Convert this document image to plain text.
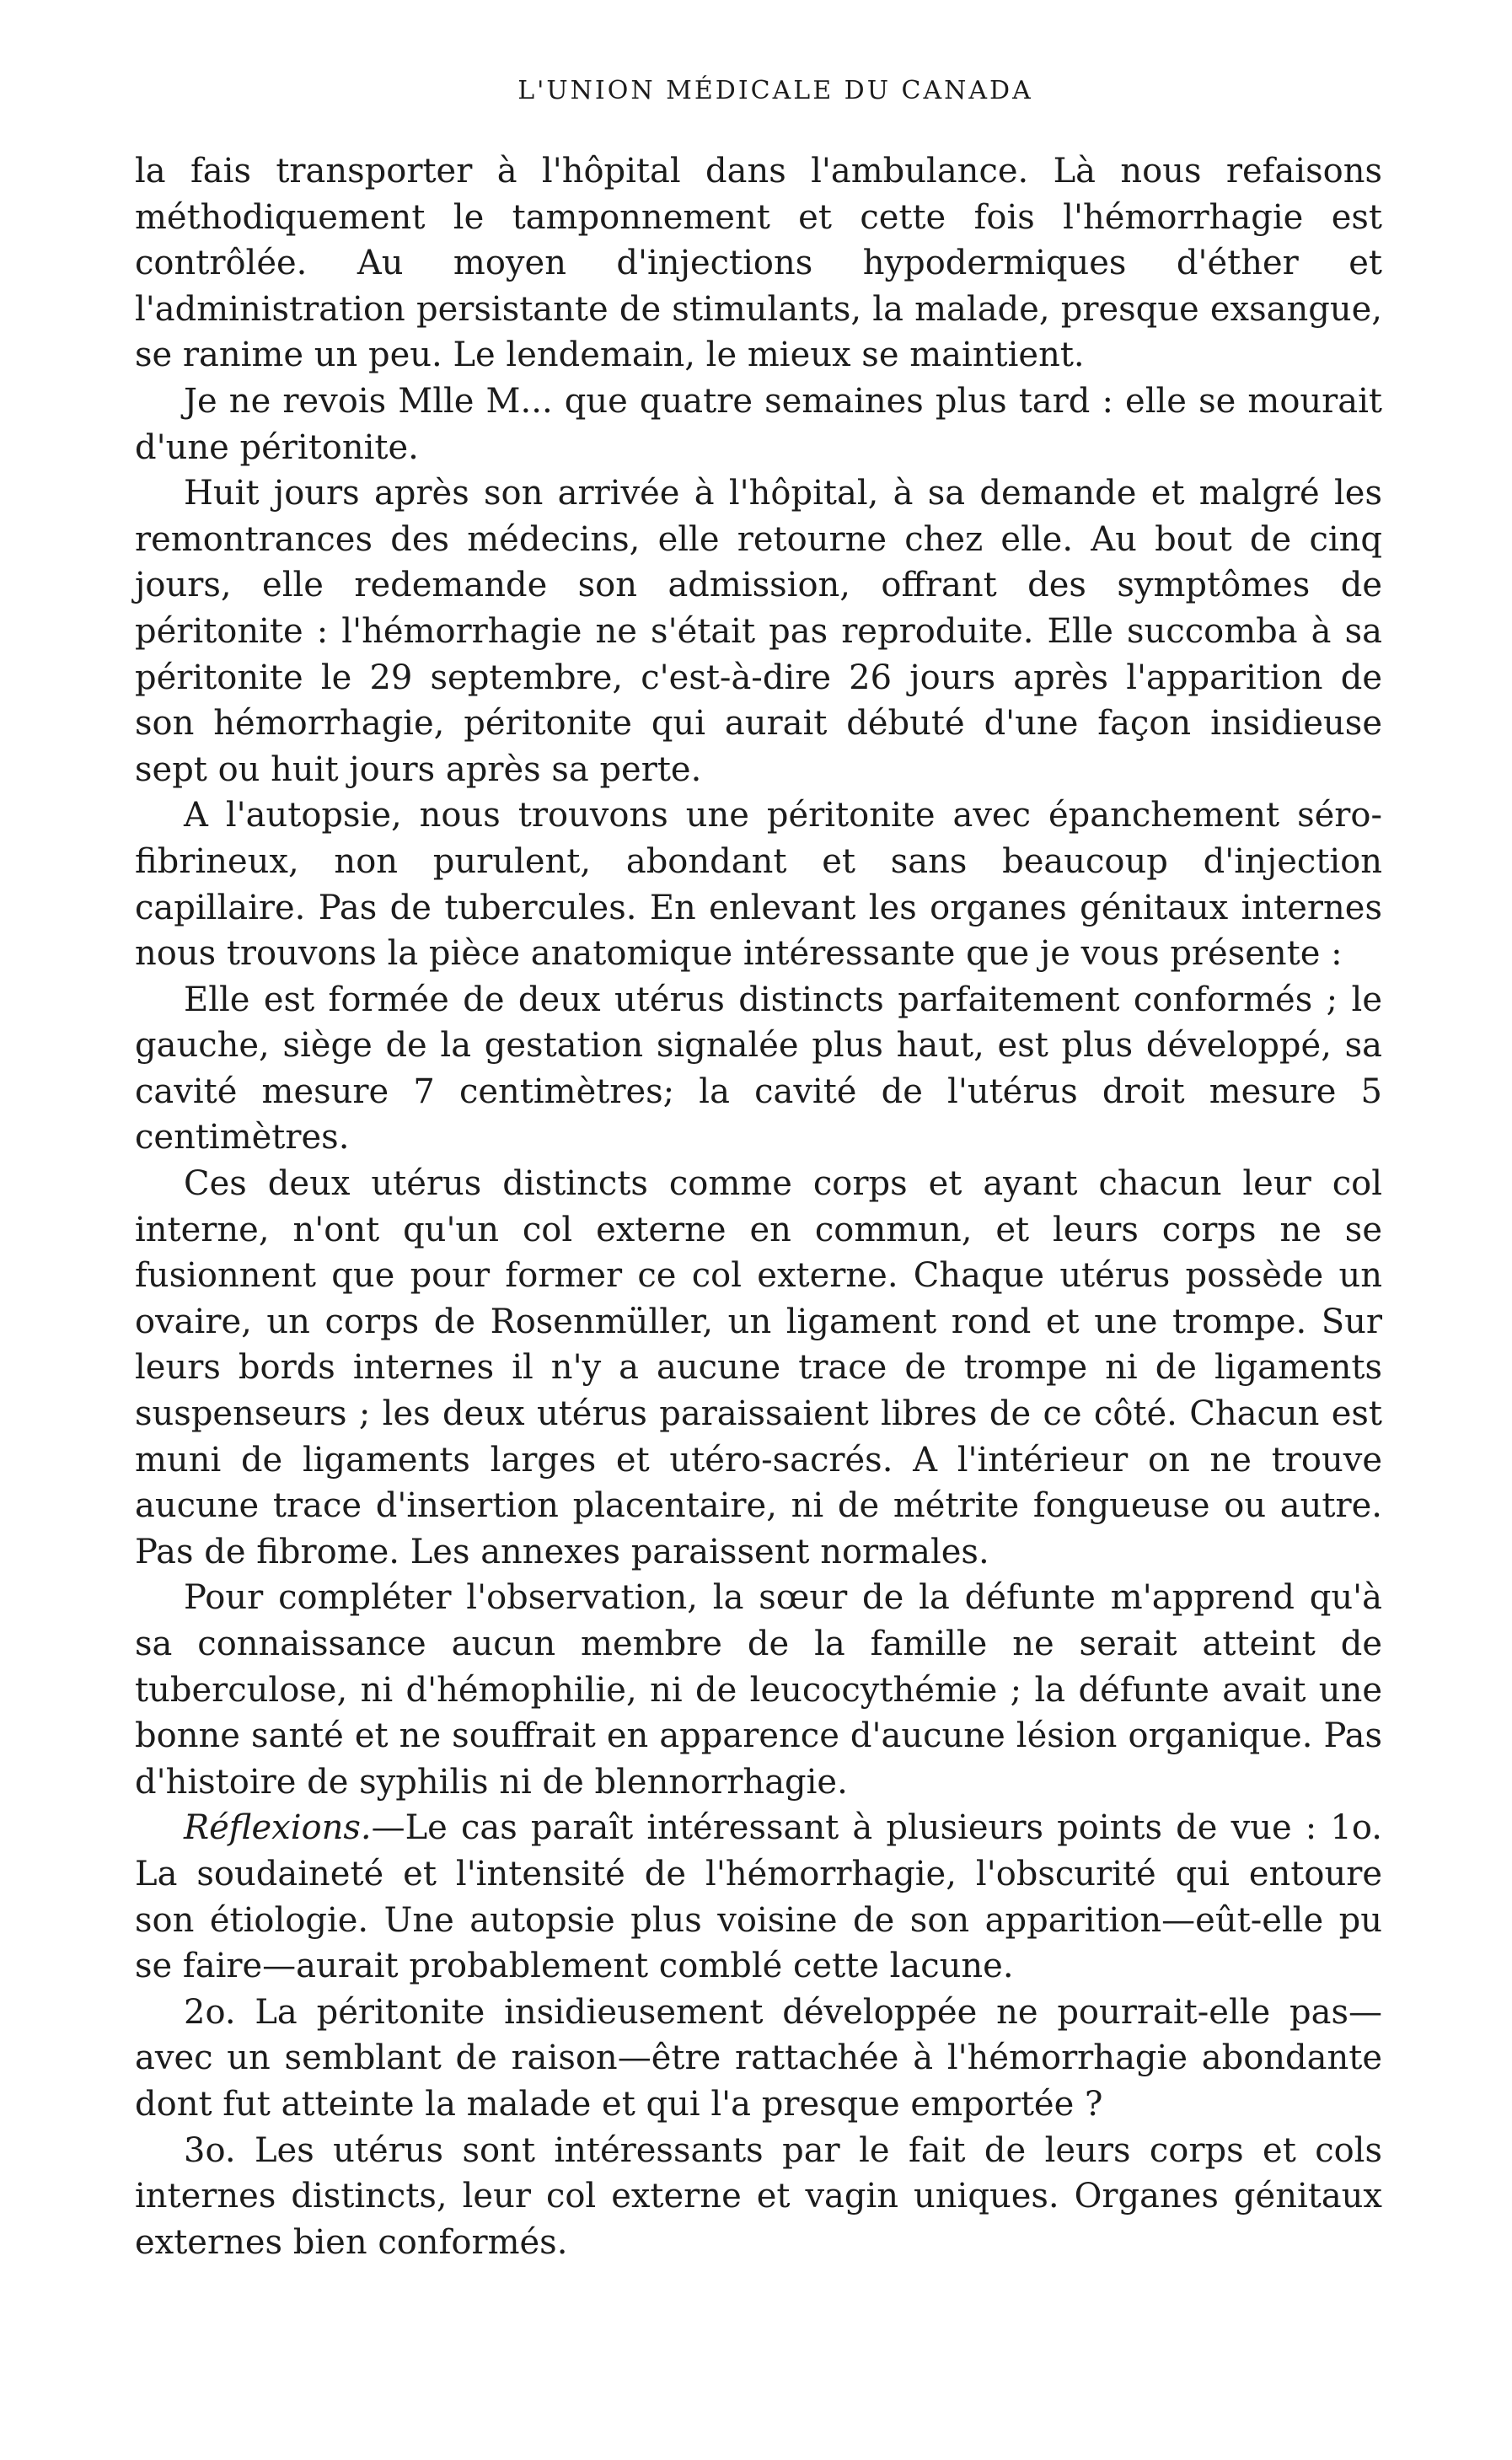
L'UNION MÉDICALE DU CANADA

la fais transporter à l'hôpital dans l'ambulance. Là nous refaisons méthodiquement le tamponnement et cette fois l'hémorrhagie est contrôlée. Au moyen d'injections hypodermiques d'éther et l'administration persistante de stimulants, la malade, presque exsangue, se ranime un peu. Le lendemain, le mieux se maintient.

Je ne revois Mlle M... que quatre semaines plus tard : elle se mourait d'une péritonite.

Huit jours après son arrivée à l'hôpital, à sa demande et malgré les remontrances des médecins, elle retourne chez elle. Au bout de cinq jours, elle redemande son admission, offrant des symptômes de péritonite : l'hémorrhagie ne s'était pas reproduite. Elle succomba à sa péritonite le 29 septembre, c'est-à-dire 26 jours après l'apparition de son hémorrhagie, péritonite qui aurait débuté d'une façon insidieuse sept ou huit jours après sa perte.

A l'autopsie, nous trouvons une péritonite avec épanchement séro-fibrineux, non purulent, abondant et sans beaucoup d'injection capillaire. Pas de tubercules. En enlevant les organes génitaux internes nous trouvons la pièce anatomique intéressante que je vous présente :

Elle est formée de deux utérus distincts parfaitement conformés ; le gauche, siège de la gestation signalée plus haut, est plus développé, sa cavité mesure 7 centimètres; la cavité de l'utérus droit mesure 5 centimètres.

Ces deux utérus distincts comme corps et ayant chacun leur col interne, n'ont qu'un col externe en commun, et leurs corps ne se fusionnent que pour former ce col externe. Chaque utérus possède un ovaire, un corps de Rosenmüller, un ligament rond et une trompe. Sur leurs bords internes il n'y a aucune trace de trompe ni de ligaments suspenseurs ; les deux utérus paraissaient libres de ce côté. Chacun est muni de ligaments larges et utéro-sacrés. A l'intérieur on ne trouve aucune trace d'insertion placentaire, ni de métrite fongueuse ou autre. Pas de fibrome. Les annexes paraissent normales.

Pour compléter l'observation, la sœur de la défunte m'apprend qu'à sa connaissance aucun membre de la famille ne serait atteint de tuberculose, ni d'hémophilie, ni de leucocythémie ; la défunte avait une bonne santé et ne souffrait en apparence d'aucune lésion organique. Pas d'histoire de syphilis ni de blennorrhagie.

Réflexions.—Le cas paraît intéressant à plusieurs points de vue : 1o. La soudaineté et l'intensité de l'hémorrhagie, l'obscurité qui entoure son étiologie. Une autopsie plus voisine de son apparition—eût-elle pu se faire—aurait probablement comblé cette lacune.

2o. La péritonite insidieusement développée ne pourrait-elle pas—avec un semblant de raison—être rattachée à l'hémorrhagie abondante dont fut atteinte la malade et qui l'a presque emportée ?

3o. Les utérus sont intéressants par le fait de leurs corps et cols internes distincts, leur col externe et vagin uniques. Organes génitaux externes bien conformés.
